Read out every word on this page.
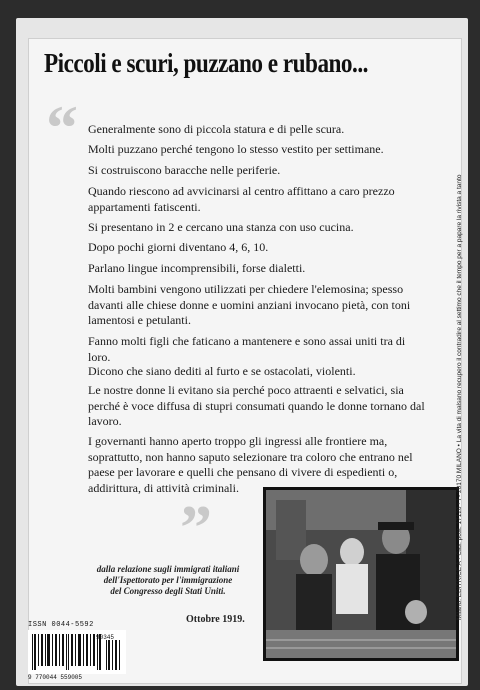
Piccoli e scuri, puzzano e rubano...
“ Generalmente sono di piccola statura e di pelle scura.

Molti puzzano perché tengono lo stesso vestito per settimane.

Si costruiscono baracche nelle periferie.

Quando riescono ad avvicinarsi al centro affittano a caro prezzo appartamenti fatiscenti.

Si presentano in 2 e cercano una stanza con uso cucina.

Dopo pochi giorni diventano 4, 6, 10.

Parlano lingue incomprensibili, forse dialetti.

Molti bambini vengono utilizzati per chiedere l'elemosina; spesso davanti alle chiese donne e uomini anziani invocano pietà, con toni lamentosi e petulanti.

Fanno molti figli che faticano a mantenere e sono assai uniti tra di loro.

Dicono che siano dediti al furto e se ostacolati, violenti.

Le nostre donne li evitano sia perché poco attraenti e selvatici, sia perché è voce diffusa di stupri consumati quando le donne tornano dal lavoro.

I governanti hanno aperto troppo gli ingressi alle frontiere ma, soprattutto, non hanno saputo selezionare tra coloro che entrano nel paese per lavorare e quelli che pensano di vivere di espedienti o, addirittura, di attività criminali.

”
dalla relazione sugli immigrati italiani
dell'Ispettorato per l'immigrazione
del Congresso degli Stati Uniti.
Ottobre 1919.
ISSN 0044-5592
90345
9 770044 559005
Milano: EDITRICE A • Cas. post. 17120 • I - 20170 MILANO • La vita di malsano recupero il contradire al settimo che il tempo per a papare la rivista a tanto
